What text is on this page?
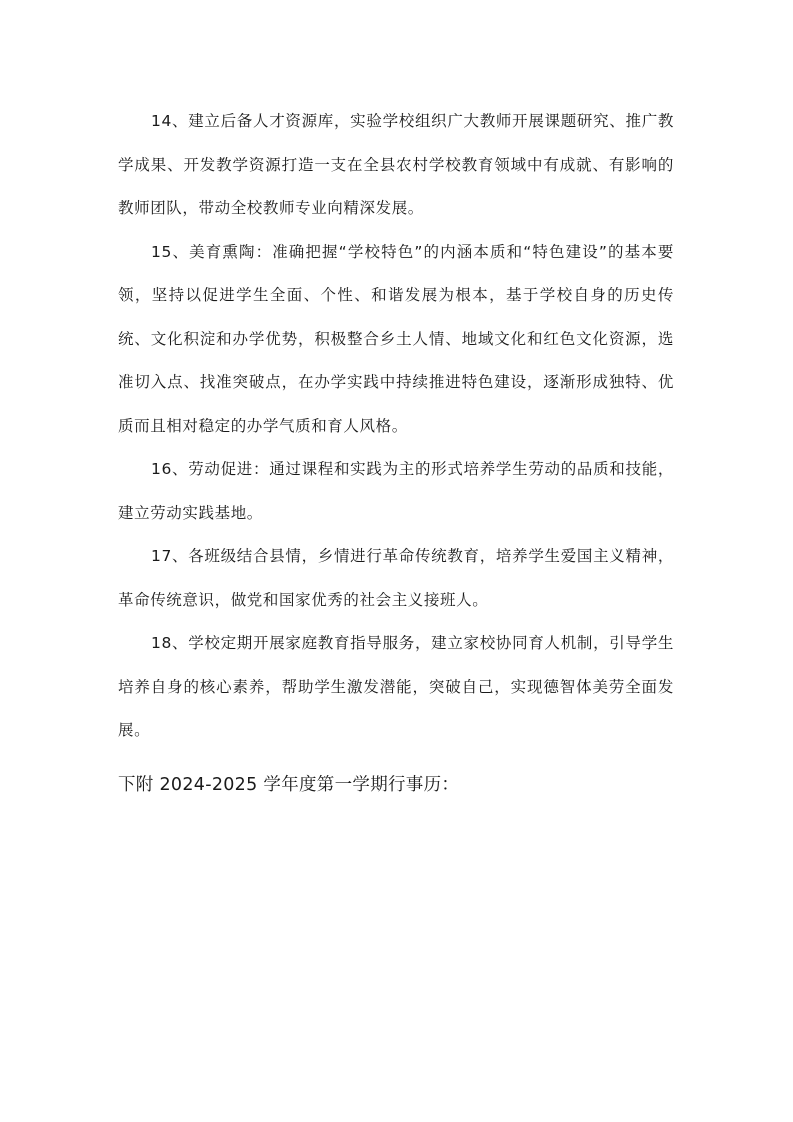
14、建立后备人才资源库，实验学校组织广大教师开展课题研究、推广教学成果、开发教学资源打造一支在全县农村学校教育领域中有成就、有影响的教师团队，带动全校教师专业向精深发展。

15、美育熏陶：准确把握“学校特色”的内涵本质和“特色建设”的基本要领，坚持以促进学生全面、个性、和谐发展为根本，基于学校自身的历史传统、文化积淀和办学优势，积极整合乡土人情、地域文化和红色文化资源，选准切入点、找准突破点，在办学实践中持续推进特色建设，逐渐形成独特、优质而且相对稳定的办学气质和育人风格。

16、劳动促进：通过课程和实践为主的形式培养学生劳动的品质和技能，建立劳动实践基地。

17、各班级结合县情，乡情进行革命传统教育，培养学生爱国主义精神，革命传统意识，做党和国家优秀的社会主义接班人。

18、学校定期开展家庭教育指导服务，建立家校协同育人机制，引导学生培养自身的核心素养，帮助学生激发潜能，突破自己，实现德智体美劳全面发展。

下附 2024-2025 学年度第一学期行事历：
